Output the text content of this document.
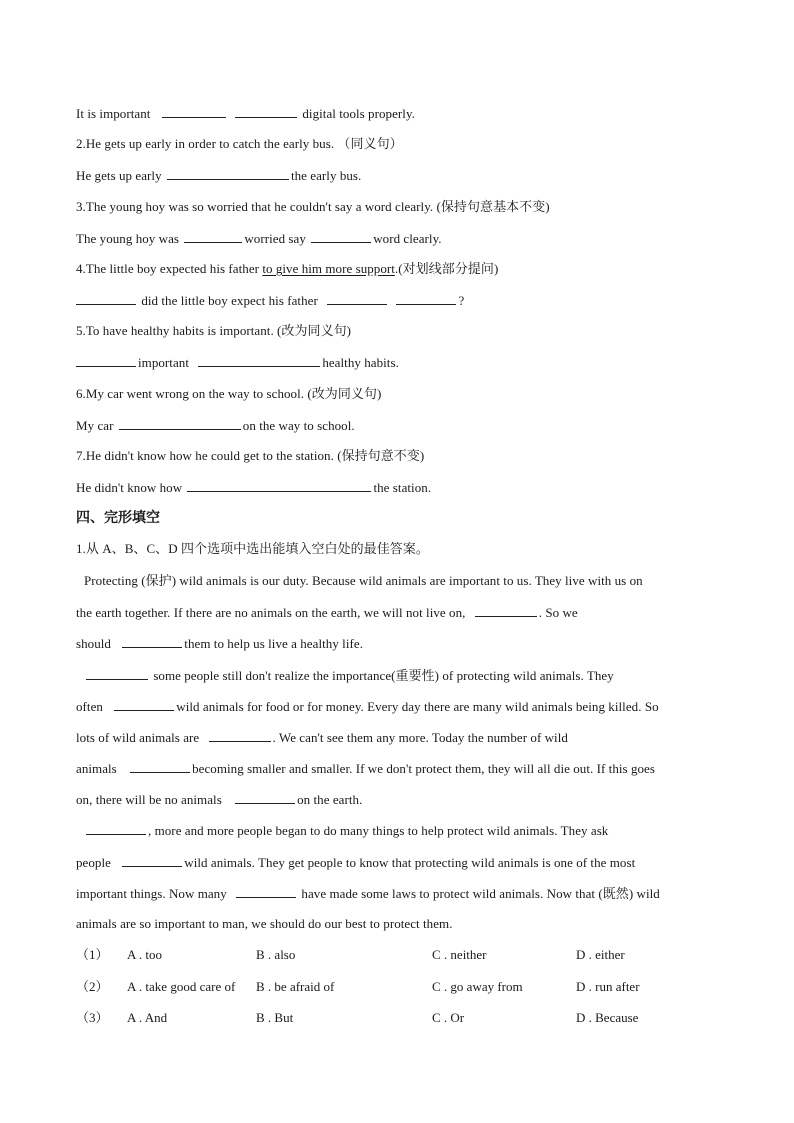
It is important	digital tools properly.
2.He gets up early in order to catch the early bus. （同义句）
He gets up early	the early bus.
3.The young hoy was so worried that he couldn't say a word clearly. (保持句意基本不变)
The young hoy was	worried say	word clearly.
4.The little boy expected his father to give him more support.(对划线部分提问)
did the little boy expect his father	?
5.To have healthy habits is important. (改为同义句)
important	healthy habits.
6.My car went wrong on the way to school. (改为同义句)
My car	on the way to school.
7.He didn't know how he could get to the station. (保持句意不变)
He didn't know how	the station.
四、完形填空
1.从 A、B、C、D 四个选项中选出能填入空白处的最佳答案。
Protecting (保护) wild animals is our duty. Because wild animals are important to us. They live with us on
the earth together. If there are no animals on the earth, we will not live on,	. So we
should	them to help us live a healthy life.
some people still don't realize the importance(重要性) of protecting wild animals. They
often	wild animals for food or for money. Every day there are many wild animals being killed. So
lots of wild animals are	. We can't see them any more. Today the number of wild
animals	becoming smaller and smaller. If we don't protect them, they will all die out. If this goes
on, there will be no animals	on the earth.
, more and more people began to do many things to help protect wild animals. They ask
people	wild animals. They get people to know that protecting wild animals is one of the most
important things. Now many	have made some laws to protect wild animals. Now that (既然) wild
animals are so important to man, we should do our best to protect them.
（1） A . too	B . also	C . neither	D . either
（2） A . take good care of B . be afraid of	C . go away from	D . run after
（3） A . And	B . But	C . Or	D . Because
